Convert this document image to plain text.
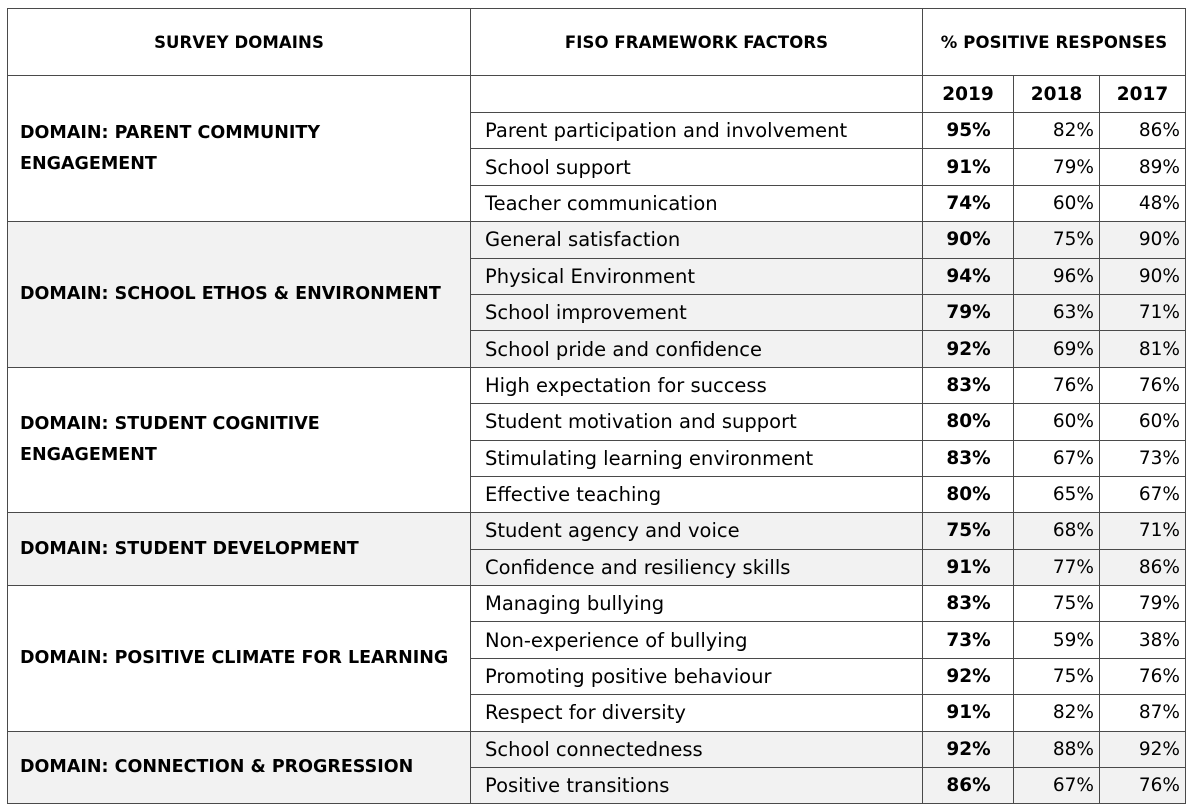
SURVEY DOMAINS	FISO FRAMEWORK FACTORS	% POSITIVE RESPONSES		
DOMAIN: PARENT COMMUNITY ENGAGEMENT		2019	2018	2017
	Parent participation and involvement	95%	82%	86%
	School support	91%	79%	89%
	Teacher communication	74%	60%	48%
DOMAIN: SCHOOL ETHOS & ENVIRONMENT	General satisfaction	90%	75%	90%
	Physical Environment	94%	96%	90%
	School improvement	79%	63%	71%
	School pride and confidence	92%	69%	81%
DOMAIN: STUDENT COGNITIVE ENGAGEMENT	High expectation for success	83%	76%	76%
	Student motivation and support	80%	60%	60%
	Stimulating learning environment	83%	67%	73%
	Effective teaching	80%	65%	67%
DOMAIN: STUDENT DEVELOPMENT	Student agency and voice	75%	68%	71%
	Confidence and resiliency skills	91%	77%	86%
DOMAIN: POSITIVE CLIMATE FOR LEARNING	Managing bullying	83%	75%	79%
	Non-experience of bullying	73%	59%	38%
	Promoting positive behaviour	92%	75%	76%
	Respect for diversity	91%	82%	87%
DOMAIN: CONNECTION & PROGRESSION	School connectedness	92%	88%	92%
	Positive transitions	86%	67%	76%
